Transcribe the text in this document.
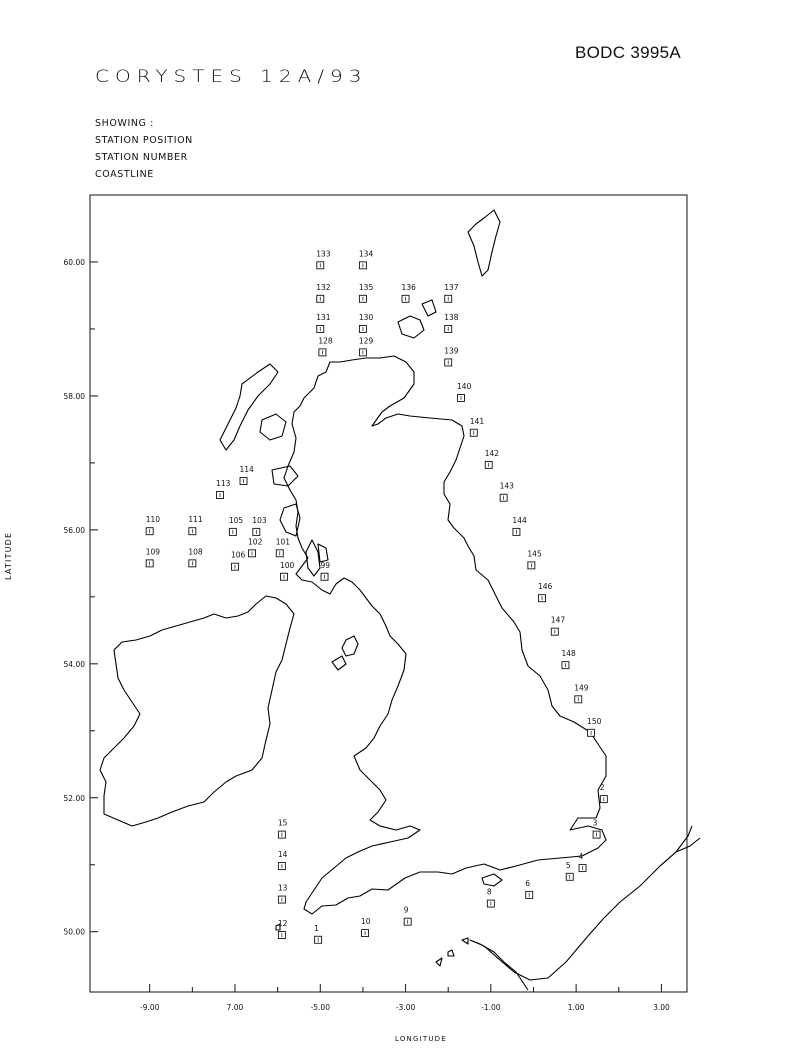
BODC 3995A
CORYSTES 12A/93
SHOWING :
STATION POSITION
STATION NUMBER
COASTLINE
50.00
52.00
54.00
56.00
58.00
60.00
-9.00	7.00	-5.00	-3.00	-1.00	1.00	3.00
1
2
3
4
5
6
8
9
10
12
13
14
15
99
100
101
102
103
105
106
108
109
110	111
113
114
128	129
130
131
132
133	134
135	136	137
138
139
140
141
142
143
144
145
146
147
148
149
150
LATITUDE
LONGITUDE
